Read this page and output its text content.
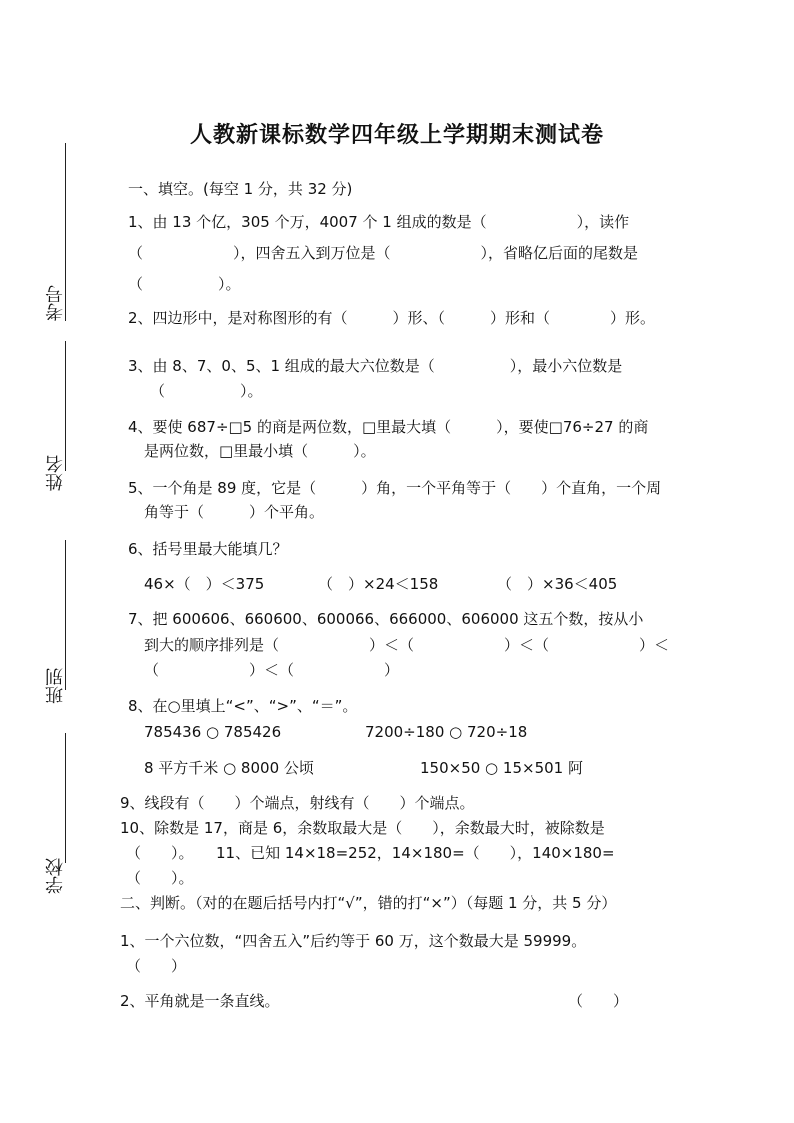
考号
姓名
班别
学校
人教新课标数学四年级上学期期末测试卷
一、填空。(每空 1 分，共 32 分)
1、由 13 个亿，305 个万，4007 个 1 组成的数是（　　　　　　），读作
（　　　　　　），四舍五入到万位是（　　　　　　），省略亿后面的尾数是
（　　　　　）。
2、四边形中，是对称图形的有（　　　）形、（　　　）形和（　　　　）形。
3、由 8、7、0、5、1 组成的最大六位数是（　　　　　），最小六位数是
（　　　　　）。
4、要使 687÷□5 的商是两位数，□里最大填（　　　），要使□76÷27 的商
是两位数，□里最小填（　　　）。
5、一个角是 89 度，它是（　　　）角，一个平角等于（　　）个直角，一个周
角等于（　　　）个平角。
6、括号里最大能填几？
46×（　）＜375	（　）×24＜158	（　）×36＜405
7、把 600606、660600、600066、666000、606000 这五个数，按从小
到大的顺序排列是（　　　　　　）＜（　　　　　　）＜（　　　　　　）＜
（　　　　　　）＜（　　　　　　）
8、在○里填上“<”、“>”、“＝”。
785436 ○ 785426	7200÷180 ○ 720÷18
8 平方千米 ○ 8000 公顷	150×50 ○ 15×501 阿
9、线段有（　　）个端点，射线有（　　）个端点。
10、除数是 17，商是 6，余数取最大是（　　），余数最大时，被除数是
（　　）。　　11、已知 14×18=252，14×180=（　　），140×180=
（　　）。
二、判断。（对的在题后括号内打“√”，错的打“×”）（每题 1 分，共 5 分）
1、一个六位数，“四舍五入”后约等于 60 万，这个数最大是 59999。
（　　）
2、平角就是一条直线。	（　　）
